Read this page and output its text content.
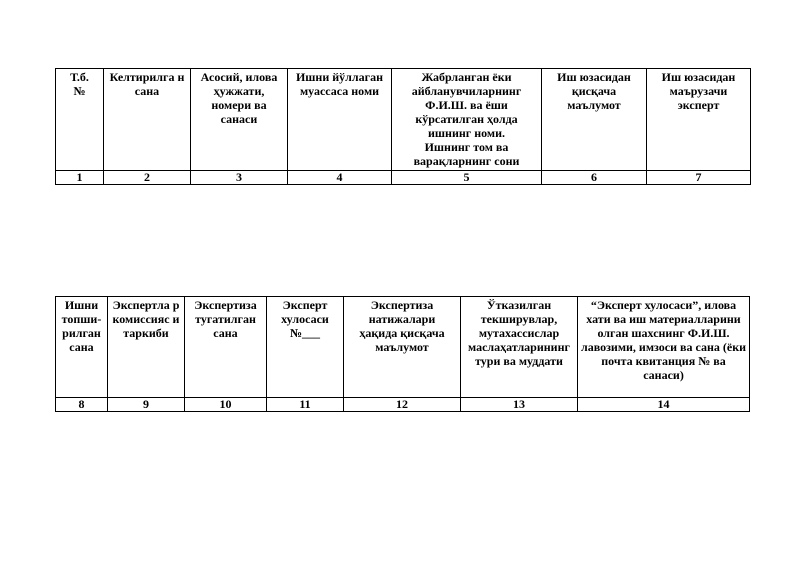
Т.б. №	Келтирилга н сана	Асосий, илова ҳужжати, номери ва санаси	Ишни йўллаган муассаса номи	Жабрланган ёки айбланувчиларнинг Ф.И.Ш. ва ёши кўрсатилган ҳолда ишнинг номи. Ишнинг том ва варақларнинг сони	Иш юзасидан қисқача маълумот	Иш юзасидан маърузачи эксперт
1	2	3	4	5	6	7
Ишни топши-рилган сана	Экспертла р комиссияс и таркиби	Экспертиза тугатилган сана	Эксперт хулосаси №___	Экспертиза натижалари ҳақида қисқача маълумот	Ўтказилган текширувлар, мутахассислар маслаҳатларининг тури ва муддати	“Эксперт хулосаси”, илова хати ва иш материалларини олган шахснинг Ф.И.Ш. лавозими, имзоси ва сана (ёки почта квитанция № ва санаси)
8	9	10	11	12	13	14
